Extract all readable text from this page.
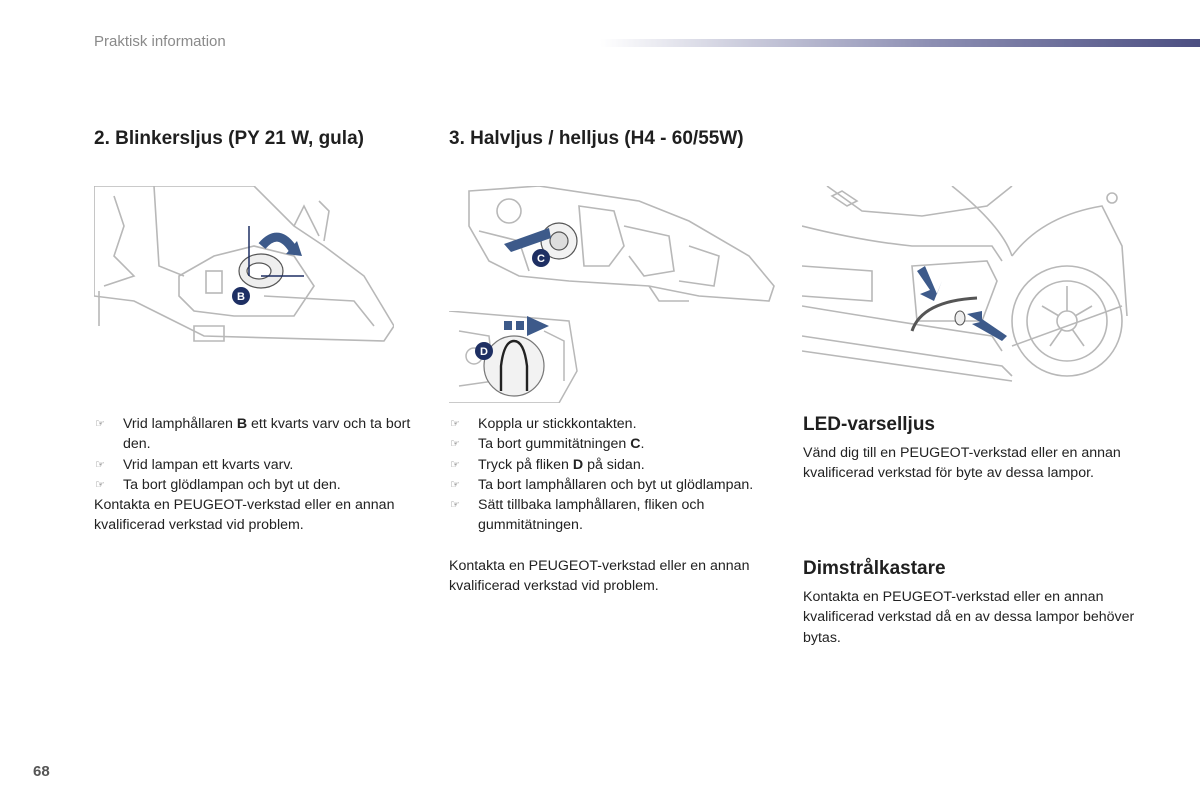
Praktisk information
2. Blinkersljus (PY 21 W, gula)
B
☞ Vrid lamphållaren B ett kvarts varv och ta bort den.
☞ Vrid lampan ett kvarts varv.
☞ Ta bort glödlampan och byt ut den.

Kontakta en PEUGEOT-verkstad eller en annan kvalificerad verkstad vid problem.

3. Halvljus / helljus (H4 - 60/55W)
C
D
☞ Koppla ur stickkontakten.
☞ Ta bort gummitätningen C.
☞ Tryck på fliken D på sidan.
☞ Ta bort lamphållaren och byt ut glödlampan.
☞ Sätt tillbaka lamphållaren, fliken och gummitätningen.

Kontakta en PEUGEOT-verkstad eller en annan kvalificerad verkstad vid problem.

LED-varselljus

Vänd dig till en PEUGEOT-verkstad eller en annan kvalificerad verkstad för byte av dessa lampor.

Dimstrålkastare

Kontakta en PEUGEOT-verkstad eller en annan kvalificerad verkstad då en av dessa lampor behöver bytas.

68
